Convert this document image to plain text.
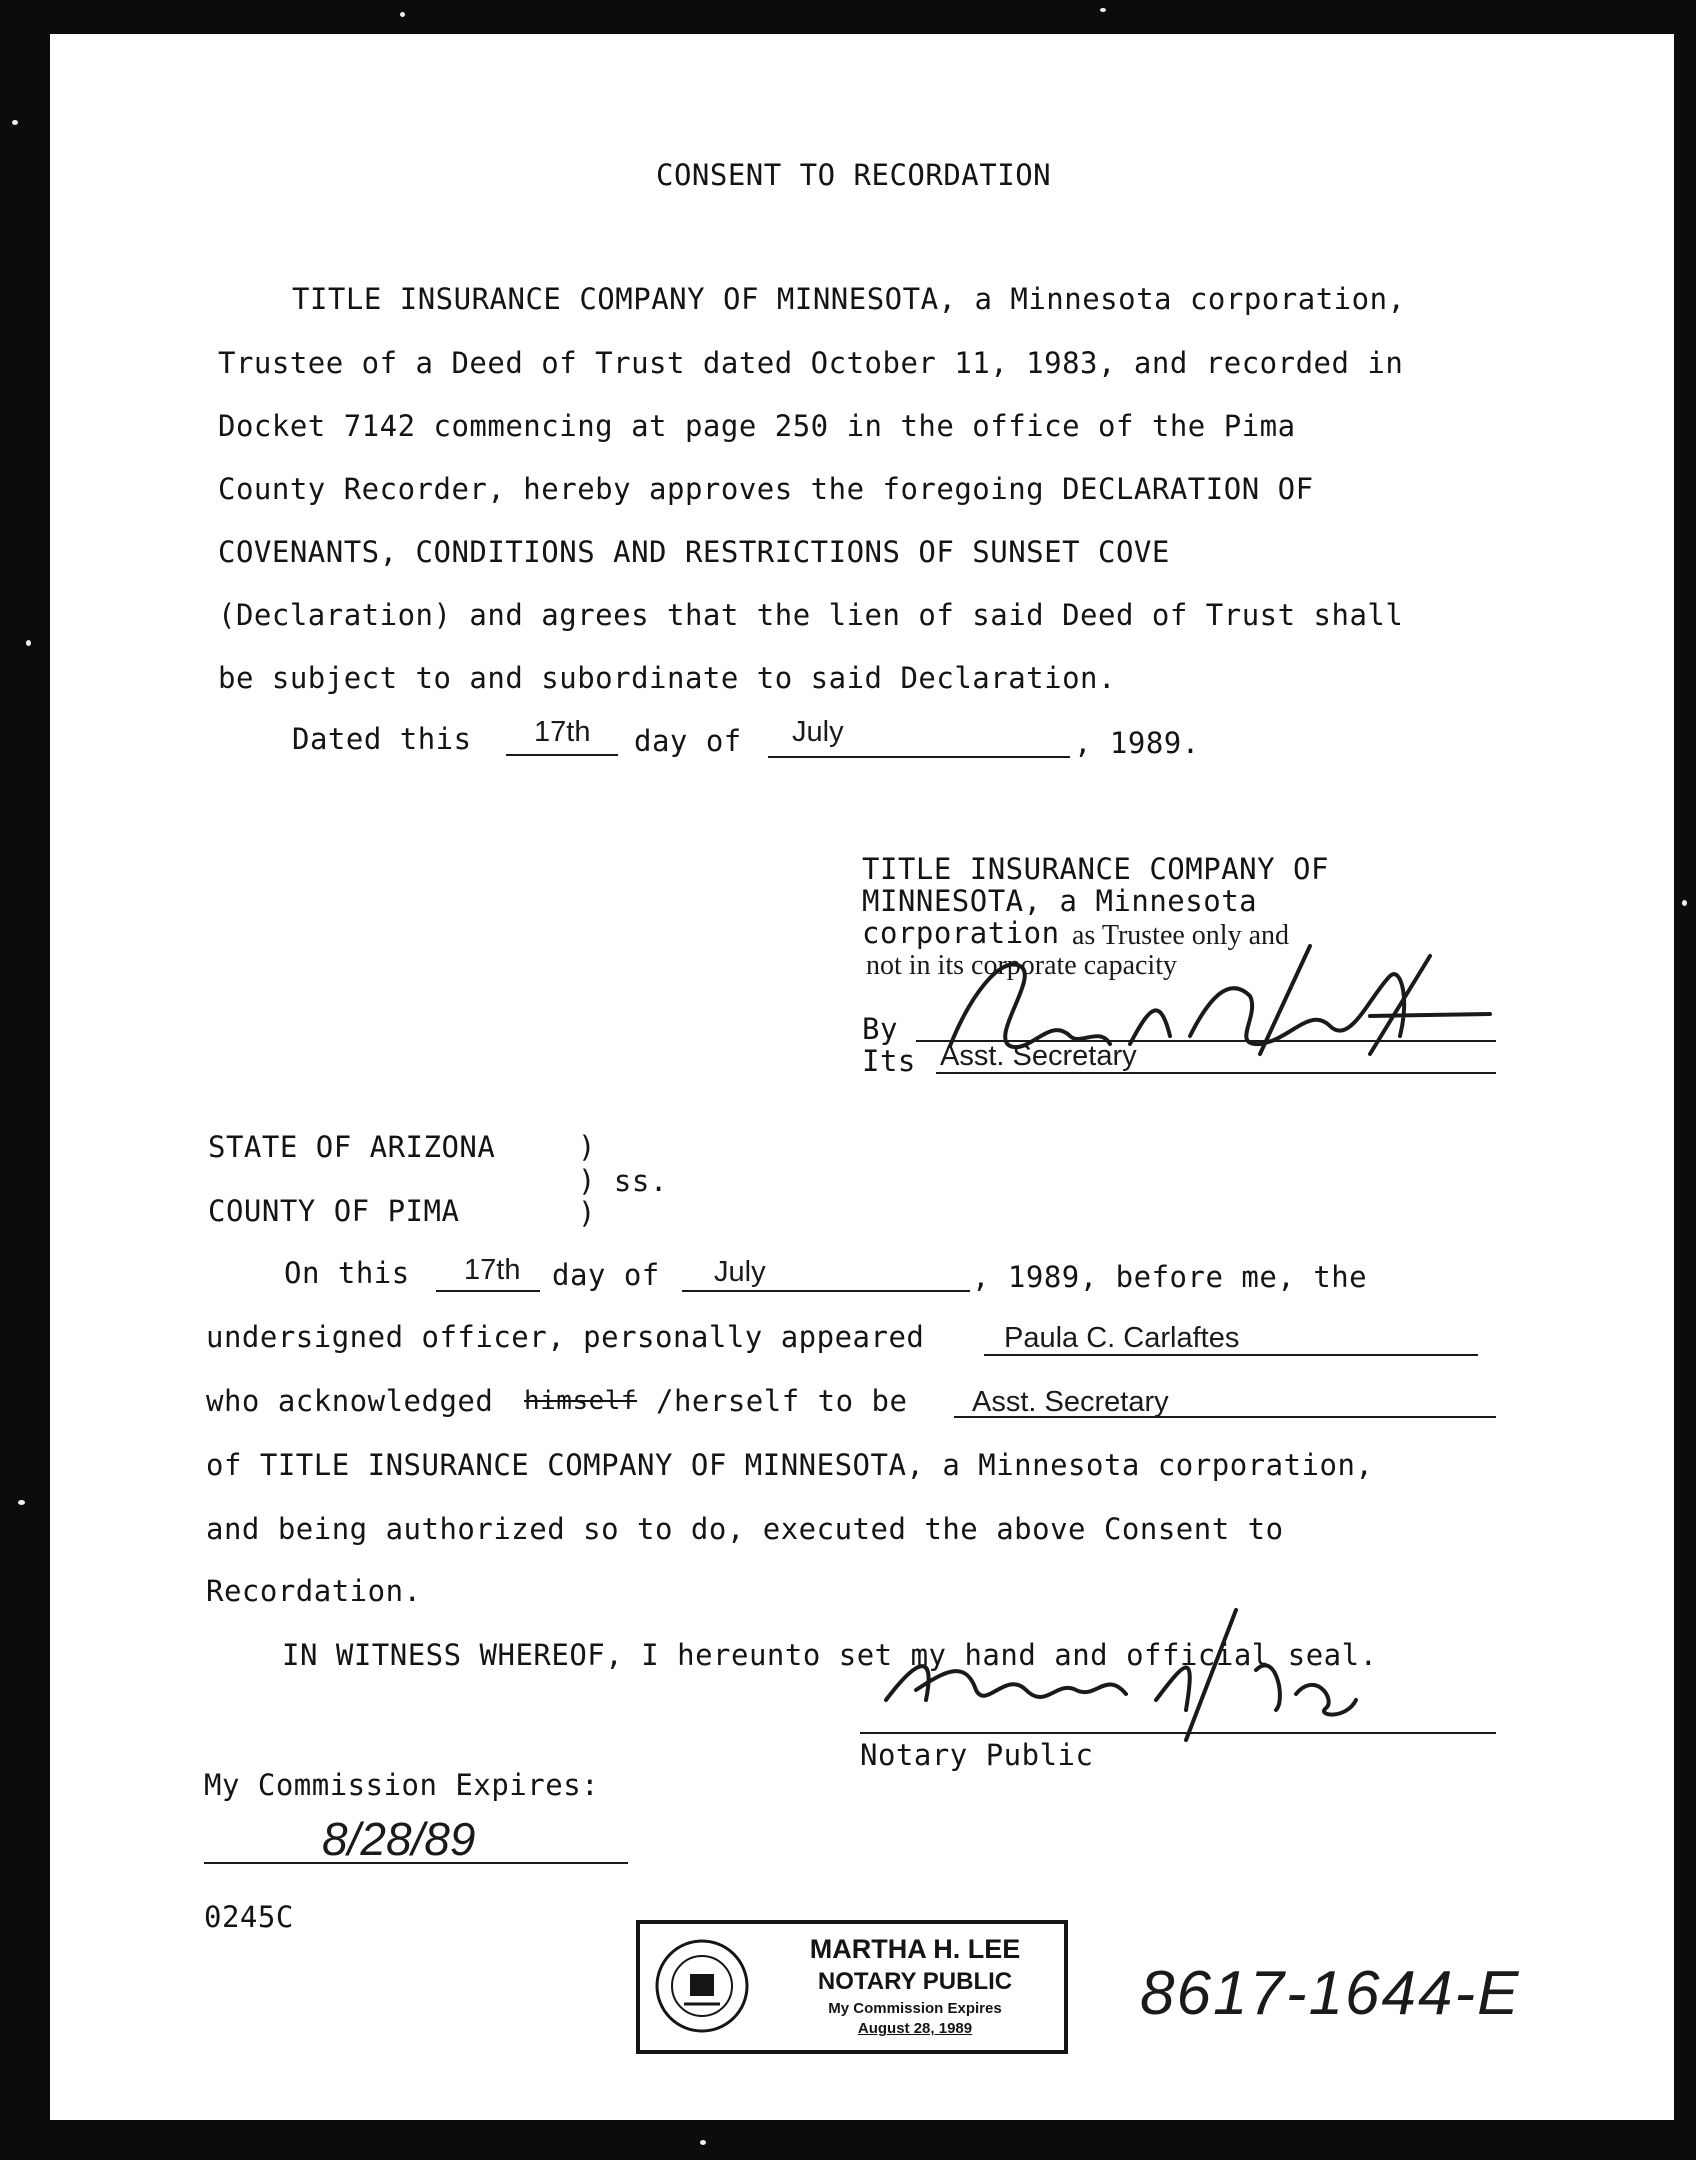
CONSENT TO RECORDATION
TITLE INSURANCE COMPANY OF MINNESOTA, a Minnesota corporation,
Trustee of a Deed of Trust dated October 11, 1983, and recorded in
Docket 7142 commencing at page 250 in the office of the Pima
County Recorder, hereby approves the foregoing DECLARATION OF
COVENANTS, CONDITIONS AND RESTRICTIONS OF SUNSET COVE
(Declaration) and agrees that the lien of said Deed of Trust shall
be subject to and subordinate to said Declaration.
Dated this 17th day of July	, 1989.
TITLE INSURANCE COMPANY OF
MINNESOTA, a Minnesota
corporation as Trustee only and
not in its corporate capacity
By
Its Asst. Secretary
STATE OF ARIZONA	)
) ss.
COUNTY OF PIMA	)
On this 17th day of July	, 1989, before me, the
undersigned officer, personally appeared	Paula C. Carlaftes
who acknowledged himself /herself to be Asst. Secretary
of TITLE INSURANCE COMPANY OF MINNESOTA, a Minnesota corporation,
and being authorized so to do, executed the above Consent to
Recordation.
IN WITNESS WHEREOF, I hereunto set my hand and official seal.
Notary Public
My Commission Expires:
8/28/89
0245C
MARTHA H. LEE
NOTARY PUBLIC
My Commission Expires
August 28, 1989
8617-1644-E
